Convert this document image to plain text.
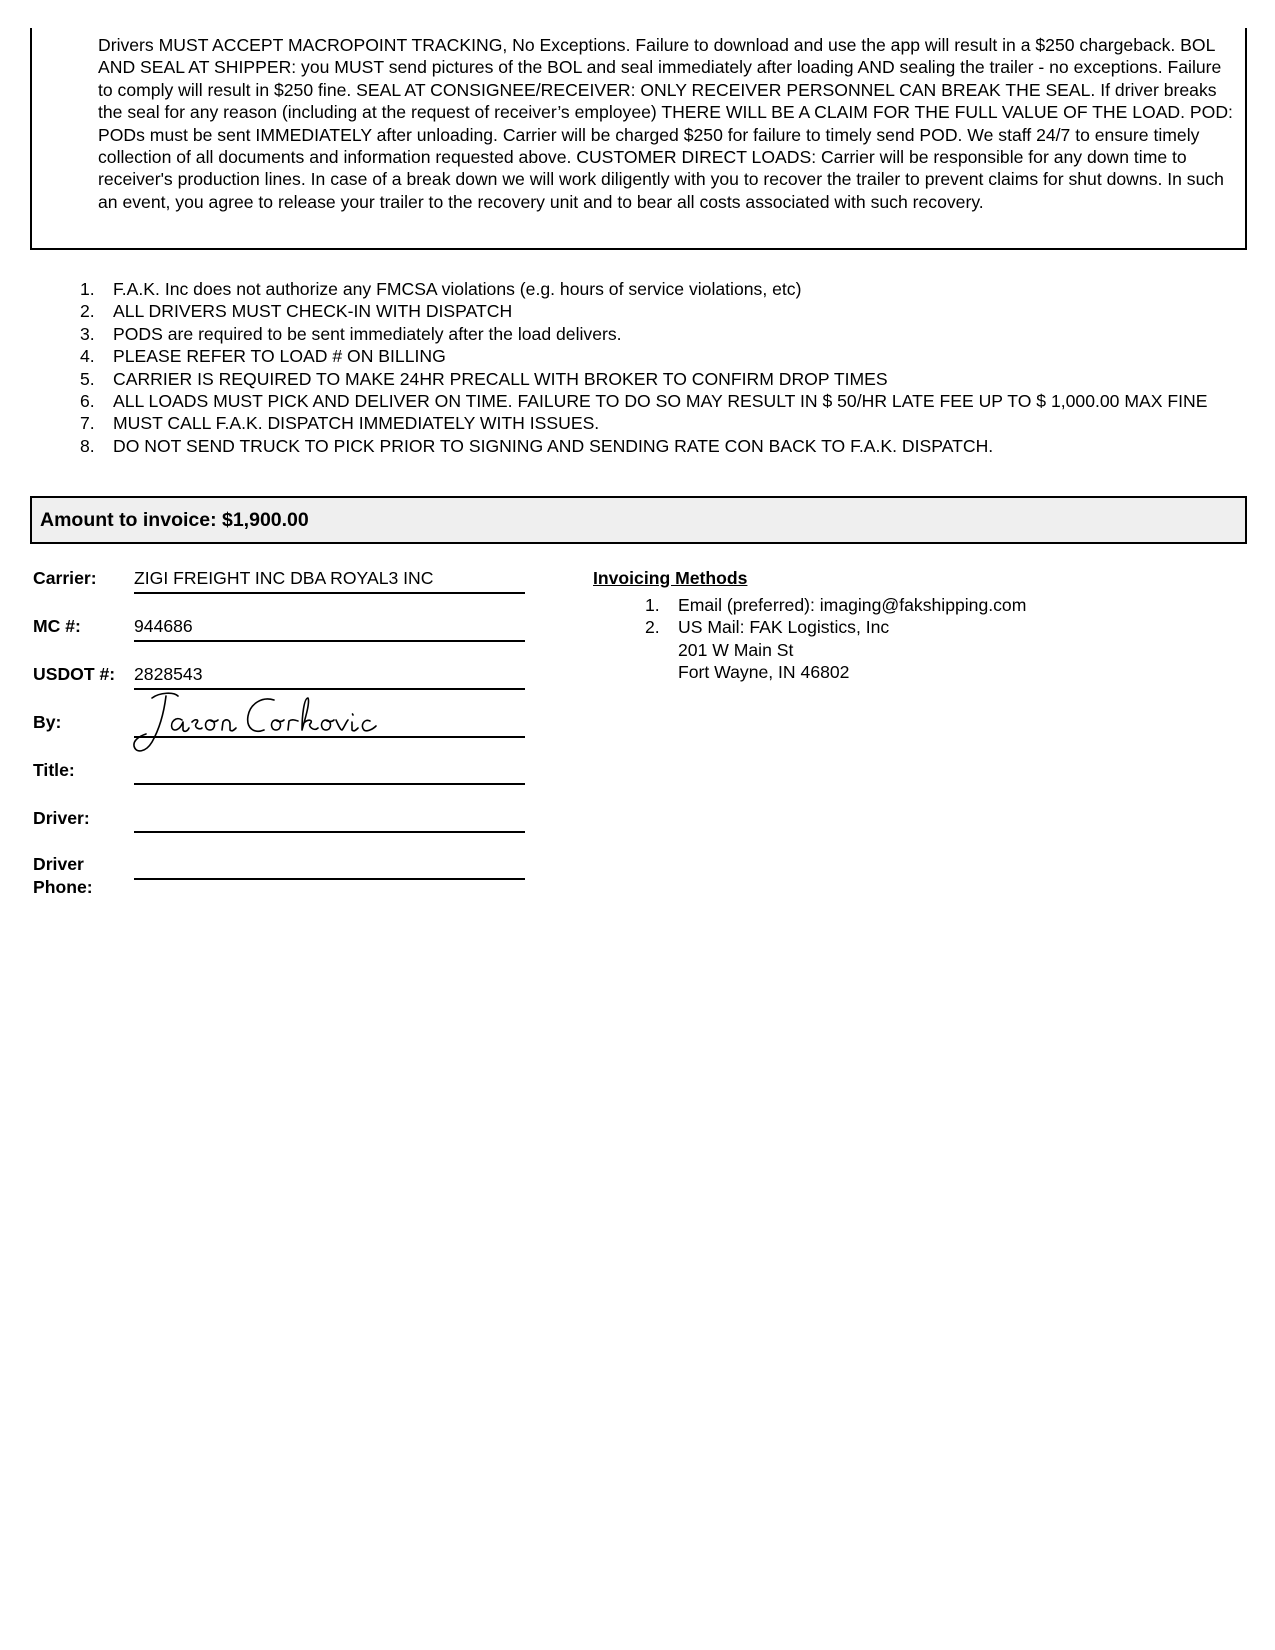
Drivers MUST ACCEPT MACROPOINT TRACKING, No Exceptions. Failure to download and use the app will result in a $250 chargeback. BOL AND SEAL AT SHIPPER: you MUST send pictures of the BOL and seal immediately after loading AND sealing the trailer - no exceptions. Failure to comply will result in $250 fine. SEAL AT CONSIGNEE/RECEIVER: ONLY RECEIVER PERSONNEL CAN BREAK THE SEAL. If driver breaks the seal for any reason (including at the request of receiver’s employee) THERE WILL BE A CLAIM FOR THE FULL VALUE OF THE LOAD. POD: PODs must be sent IMMEDIATELY after unloading. Carrier will be charged $250 for failure to timely send POD. We staff 24/7 to ensure timely collection of all documents and information requested above. CUSTOMER DIRECT LOADS: Carrier will be responsible for any down time to receiver's production lines. In case of a break down we will work diligently with you to recover the trailer to prevent claims for shut downs. In such an event, you agree to release your trailer to the recovery unit and to bear all costs associated with such recovery.

1. F.A.K. Inc does not authorize any FMCSA violations (e.g. hours of service violations, etc)
2. ALL DRIVERS MUST CHECK-IN WITH DISPATCH
3. PODS are required to be sent immediately after the load delivers.
4. PLEASE REFER TO LOAD # ON BILLING
5. CARRIER IS REQUIRED TO MAKE 24HR PRECALL WITH BROKER TO CONFIRM DROP TIMES
6. ALL LOADS MUST PICK AND DELIVER ON TIME. FAILURE TO DO SO MAY RESULT IN $ 50/HR LATE FEE UP TO $ 1,000.00 MAX FINE
7. MUST CALL F.A.K. DISPATCH IMMEDIATELY WITH ISSUES.
8. DO NOT SEND TRUCK TO PICK PRIOR TO SIGNING AND SENDING RATE CON BACK TO F.A.K. DISPATCH.
Amount to invoice: $1,900.00
Carrier: ZIGI FREIGHT INC DBA ROYAL3 INC
MC #:	944686
USDOT #: 2828543
By:
Title:
Driver:
Driver
Phone:
Invoicing Methods
1. Email (preferred): imaging@fakshipping.com
2. US Mail: FAK Logistics, Inc
201 W Main St
Fort Wayne, IN 46802
